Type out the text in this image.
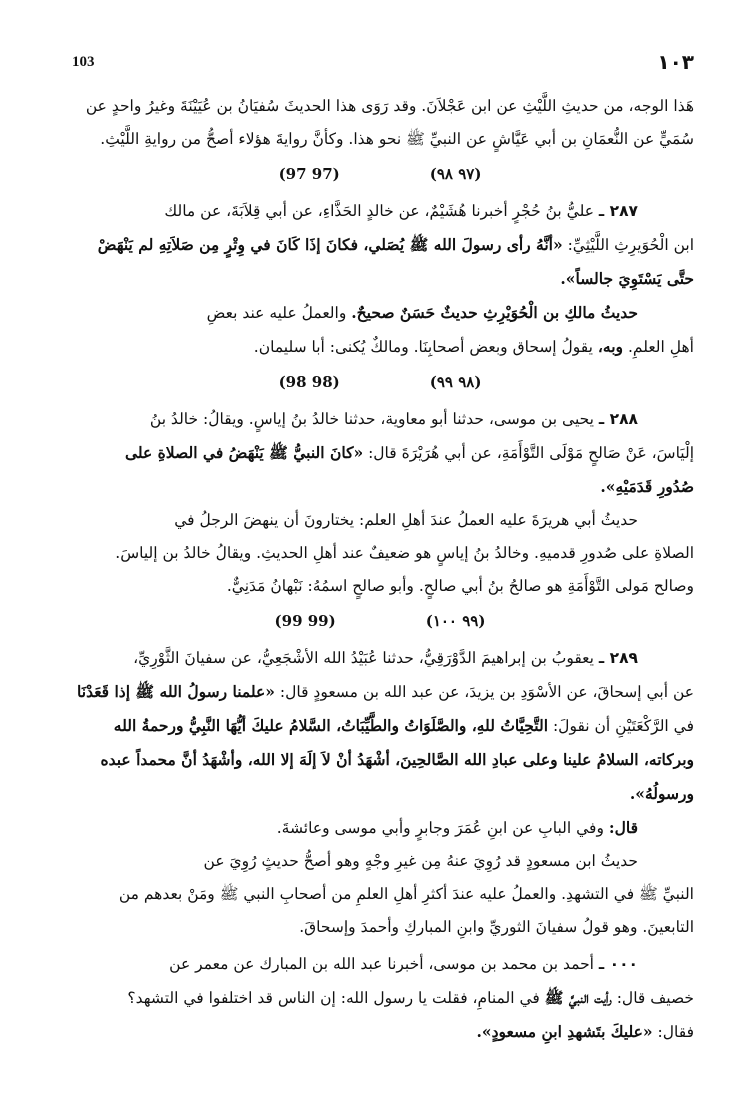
103	١٠٣

هَذا الوجه، من حديثِ اللَّيْثِ عن ابن عَجْلاَنَ. وقد رَوَى هذا الحديثَ سُفيَانُ بن عُيَيْنَةَ وغيرُ واحدٍ عن

سُمَيٍّ عن النُّعمَانِ بن أبي عَيَّاشٍ عن النبيِّ ﷺ نحو هذا. وكأنَّ روايةَ هؤلاء أصحُّ من روايةِ اللَّيْثِ.

(97 97)	(٩٧ ٩٨)

٢٨٧ ـ عليُّ بنُ حُجْرٍ أخبرنا هُشَيْمٌ، عن خالدٍ الحَذَّاءِ، عن أبي قِلاَبَةَ، عن مالك

ابن الْحُوَيرِثِ اللَّيْثِيِّ: «أنَّهُ رأى رسولَ الله ﷺ يُصَلي، فكانَ إذَا كَانَ في وِتْرٍ مِن صَلاَتِهِ لم يَنْهَضْ

حتَّى يَسْتَوِيَ جالساً».

حديثُ مالكِ بن الْحُوَيْرِثِ حديثٌ حَسَنٌ صحيحٌ. والعملُ عليه عند بعضِ

أهلِ العلمِ. وبه، يقولُ إسحاق وبعض أصحابِنَا. ومالكٌ يُكنى: أبا سليمان.

(98 98)	(٩٨ ٩٩)

٢٨٨ ـ يحيى بن موسى، حدثنا أبو معاوية، حدثنا خالدُ بنُ إياسٍ. ويقالُ: خالدُ بنُ

إلْيَاسَ، عَنْ صَالحٍ مَوْلَى التَّوْأَمَةِ، عن أبي هُرَيْرَةَ قال: «كانَ النبيُّ ﷺ يَنْهَضُ في الصلاةِ على

صُدُورِ قَدَمَيْهِ».

حديثُ أبي هريرَةَ عليه العملُ عندَ أهلِ العلم: يختارونَ أن ينهضَ الرجلُ في

الصلاةِ على صُدورِ قدميهِ. وخالدُ بنُ إياسٍ هو ضعيفٌ عند أهلِ الحديثِ. ويقالُ خالدُ بن إلياسَ.

وصالح مَولى التَّوْأَمَةِ هو صالحُ بنُ أبي صالحٍ. وأبو صالحٍ اسمُهُ: نَبْهانُ مَدَنِيٌّ.

(99 99)	(٩٩ ١٠٠)

٢٨٩ ـ يعقوبُ بن إبراهيمَ الدَّوْرَقِيُّ، حدثنا عُبَيْدُ الله الأشْجَعِيُّ، عن سفيانَ الثَّوْرِيِّ،

عن أبي إسحاقَ، عن الأسْوَدِ بن يزيدَ، عن عبد الله بن مسعودٍ قال: «علمنا رسولُ الله ﷺ إذا قَعَدْنَا

في الرَّكْعَتَيْنِ أن نقولَ: التَّحِيَّاتُ للهِ، والصَّلَوَاتُ والطَّيِّبَاتُ، السَّلامُ عليكَ أيُّهَا النَّبِيُّ ورحمةُ الله

وبركاته، السلامُ علينا وعلى عبادِ الله الصَّالحِينَ، أشْهَدُ أنْ لاَ إلَهَ إلا الله، وأشْهَدُ أنَّ محمداً عبده

ورسولُهُ».

قال: وفي البابِ عن ابنِ عُمَرَ وجابرٍ وأبي موسى وعائشةَ.

حديثُ ابن مسعودٍ قد رُوِيَ عنهُ مِن غيرِ وجْهٍ وهو أصحُّ حديثٍ رُوِيَ عن

النبيِّ ﷺ في التشهدِ. والعملُ عليه عندَ أكثرِ أهلِ العلمِ من أصحابِ النبي ﷺ ومَنْ بعدهم من

التابعينَ. وهو قولُ سفيانَ الثوريِّ وابنِ المباركِ وأحمدَ وإسحاقَ.

٠٠٠ ـ أحمد بن محمد بن موسى، أخبرنا عبد الله بن المبارك عن معمر عن

خصيف قال: رأيت النبيَّ ﷺ في المنامِ، فقلت يا رسول الله: إن الناس قد اختلفوا في التشهد؟

فقال: «عليكَ بتَشهدِ ابنِ مسعودٍ».
